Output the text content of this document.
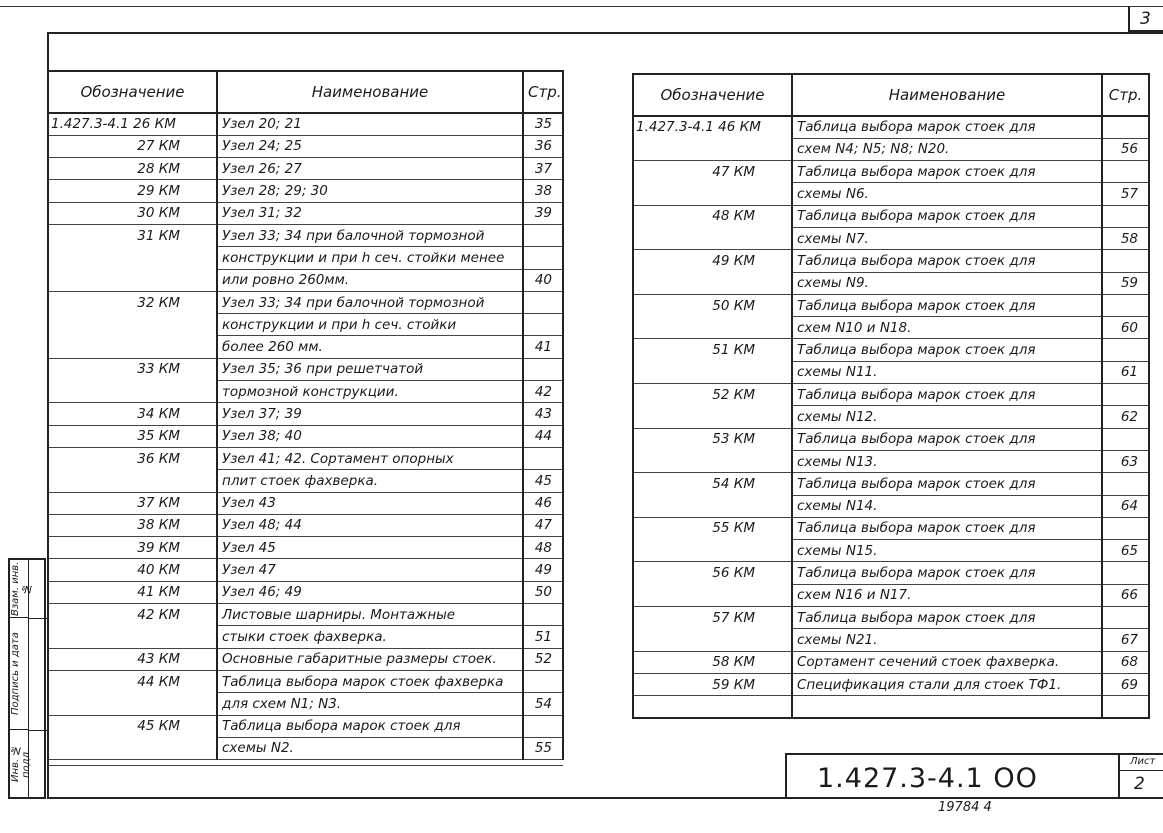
3
Обозначение	Наименование	Стр.
1.427.3-4.1 26 КМ	Узел 20; 21	35
27 КМ	Узел 24; 25	36
28 КМ	Узел 26; 27	37
29 КМ	Узел 28; 29; 30	38
30 КМ	Узел 31; 32	39
31 КМ	Узел 33; 34 при балочной тормозной	
	конструкции и при h сеч. стойки менее	
	или ровно 260мм.	40
32 КМ	Узел 33; 34 при балочной тормозной	
	конструкции и при h сеч. стойки	
	более 260 мм.	41
33 КМ	Узел 35; 36 при решетчатой	
	тормозной конструкции.	42
34 КМ	Узел 37; 39	43
35 КМ	Узел 38; 40	44
36 КМ	Узел 41; 42. Сортамент опорных	
	плит стоек фахверка.	45
37 КМ	Узел 43	46
38 КМ	Узел 48; 44	47
39 КМ	Узел 45	48
40 КМ	Узел 47	49
41 КМ	Узел 46; 49	50
42 КМ	Листовые шарниры. Монтажные	
	стыки стоек фахверка.	51
43 КМ	Основные габаритные размеры стоек.	52
44 КМ	Таблица выбора марок стоек фахверка	
	для схем N1; N3.	54
45 КМ	Таблица выбора марок стоек для	
	схемы N2.	55
Обозначение	Наименование	Стр.
1.427.3-4.1 46 КМ	Таблица выбора марок стоек для	
	схем N4; N5; N8; N20.	56
47 КМ	Таблица выбора марок стоек для	
	схемы N6.	57
48 КМ	Таблица выбора марок стоек для	
	схемы N7.	58
49 КМ	Таблица выбора марок стоек для	
	схемы N9.	59
50 КМ	Таблица выбора марок стоек для	
	схем N10 и N18.	60
51 КМ	Таблица выбора марок стоек для	
	схемы N11.	61
52 КМ	Таблица выбора марок стоек для	
	схемы N12.	62
53 КМ	Таблица выбора марок стоек для	
	схемы N13.	63
54 КМ	Таблица выбора марок стоек для	
	схемы N14.	64
55 КМ	Таблица выбора марок стоек для	
	схемы N15.	65
56 КМ	Таблица выбора марок стоек для	
	схем N16 и N17.	66
57 КМ	Таблица выбора марок стоек для	
	схемы N21.	67
58 КМ	Сортамент сечений стоек фахверка.	68
59 КМ	Спецификация стали для стоек ТФ1.	69

1.427.3-4.1 ОО
Лист
2
19784 4
Взам. инв. №
Подпись и дата
Инв. № подл.
